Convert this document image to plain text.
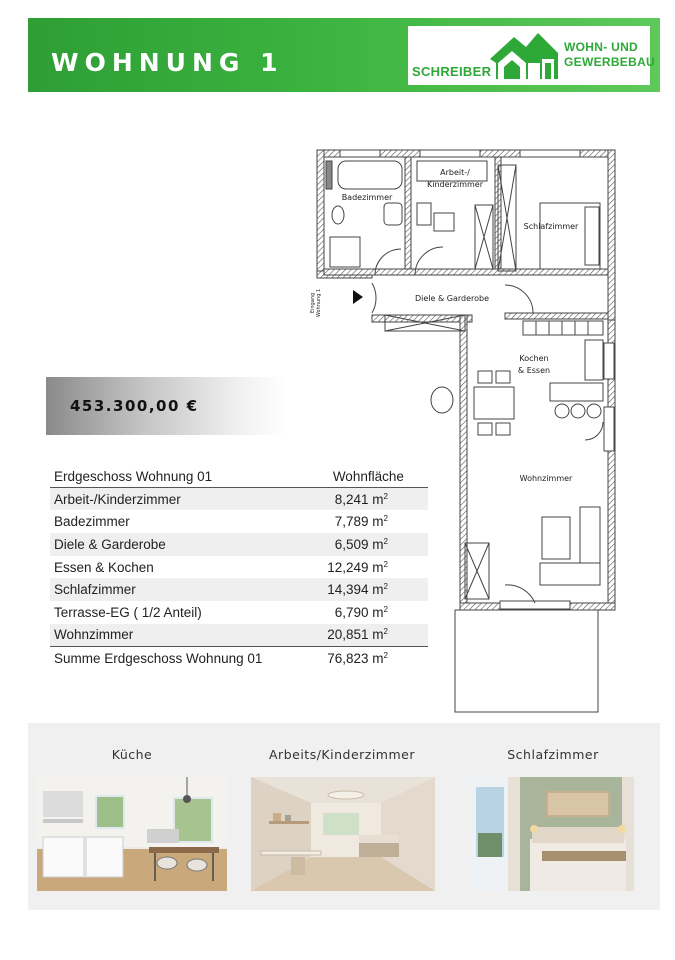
WOHNUNG 1	SCHREIBER
WOHN- UND
GEWERBEBAU
453.300,00 €
Erdgeschoss Wohnung 01	Wohnfläche
Arbeit-/Kinderzimmer	8,241 $m^2$
Badezimmer	7,789 $m^2$
Diele & Garderobe	6,509 $m^2$
Essen & Kochen	12,249 $m^2$
Schlafzimmer	14,394 $m^2$
Terrasse-EG ( 1/2 Anteil)	6,790 $m^2$
Wohnzimmer	20,851 $m^2$
Summe Erdgeschoss Wohnung 01	76,823 $m^2$
Arbeit-/
Kinderzimmer
Badezimmer
Schlafzimmer
Diele & Garderobe
Kochen
& Essen
Wohnzimmer
Eingang Wohnung 1
Küche	Arbeits/Kinderzimmer	Schlafzimmer
